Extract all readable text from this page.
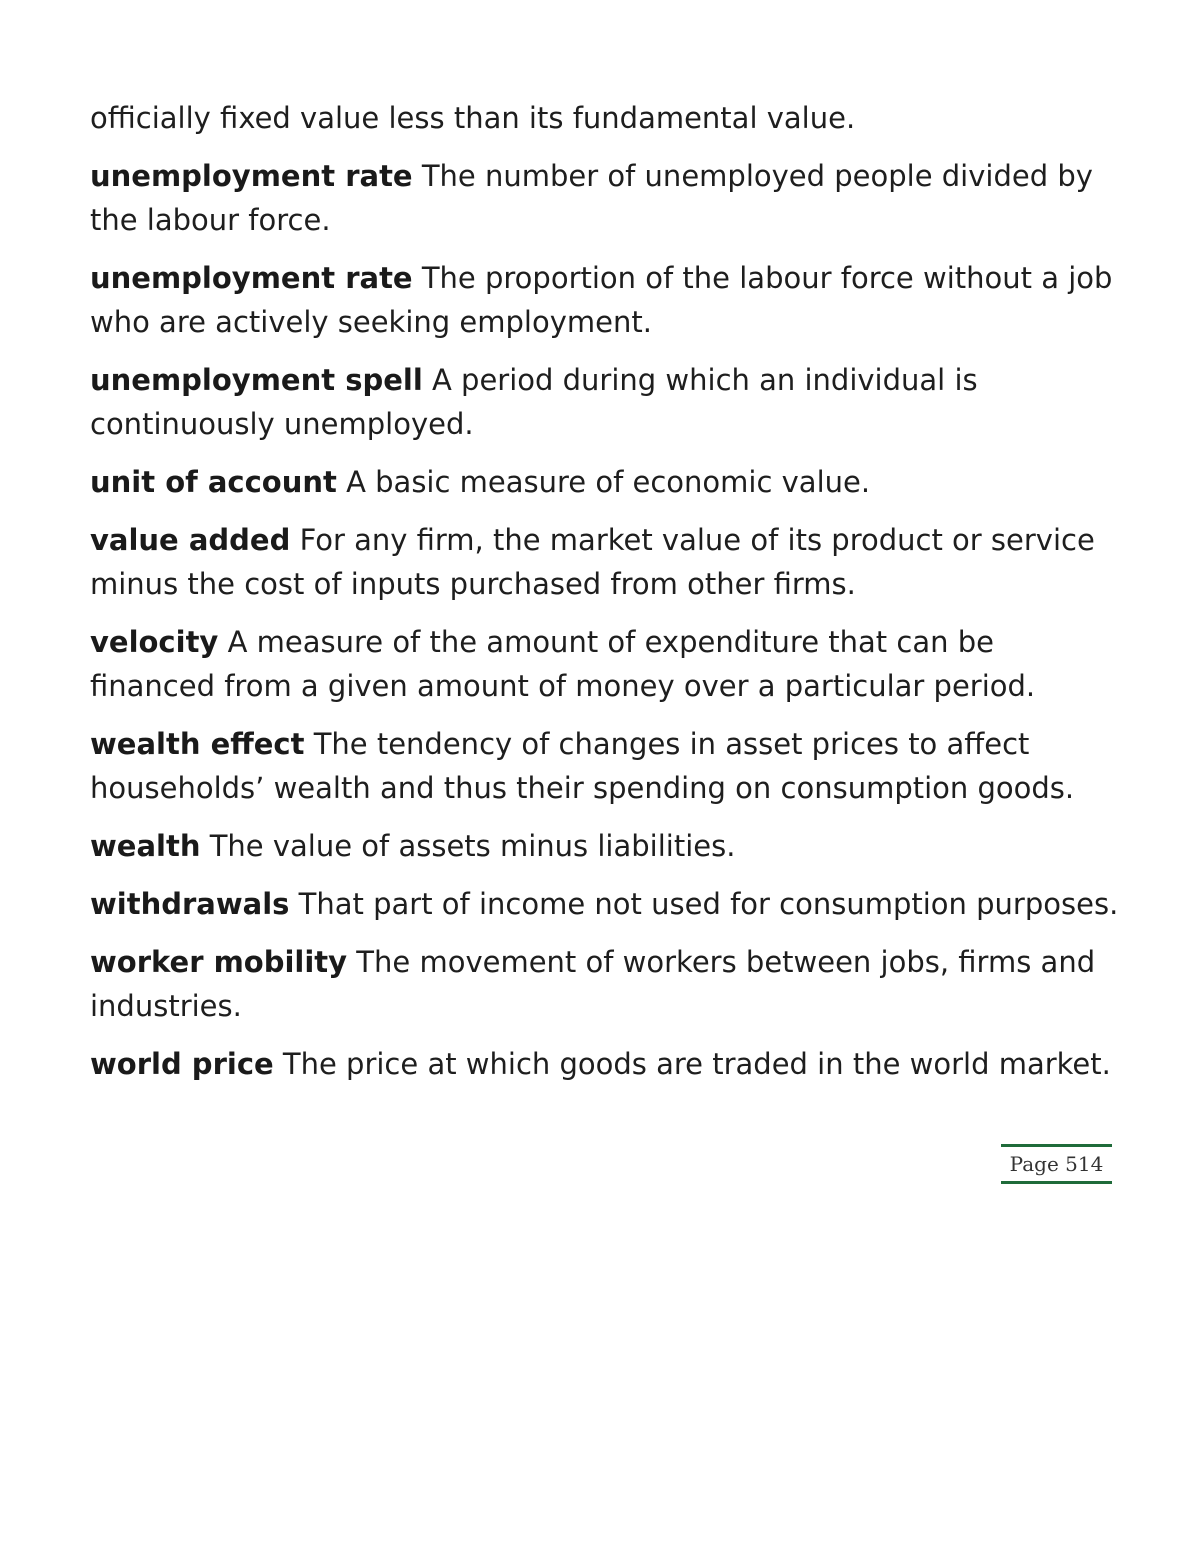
officially fixed value less than its fundamental value.

unemployment rate The number of unemployed people divided by the labour force.

unemployment rate The proportion of the labour force without a job who are actively seeking employment.

unemployment spell A period during which an individual is continuously unemployed.

unit of account A basic measure of economic value.

value added For any firm, the market value of its product or service minus the cost of inputs purchased from other firms.

velocity A measure of the amount of expenditure that can be financed from a given amount of money over a particular period.

wealth effect The tendency of changes in asset prices to affect households’ wealth and thus their spending on consumption goods.

wealth The value of assets minus liabilities.

withdrawals That part of income not used for consumption purposes.

worker mobility The movement of workers between jobs, firms and industries.

world price The price at which goods are traded in the world market.

Page 514
